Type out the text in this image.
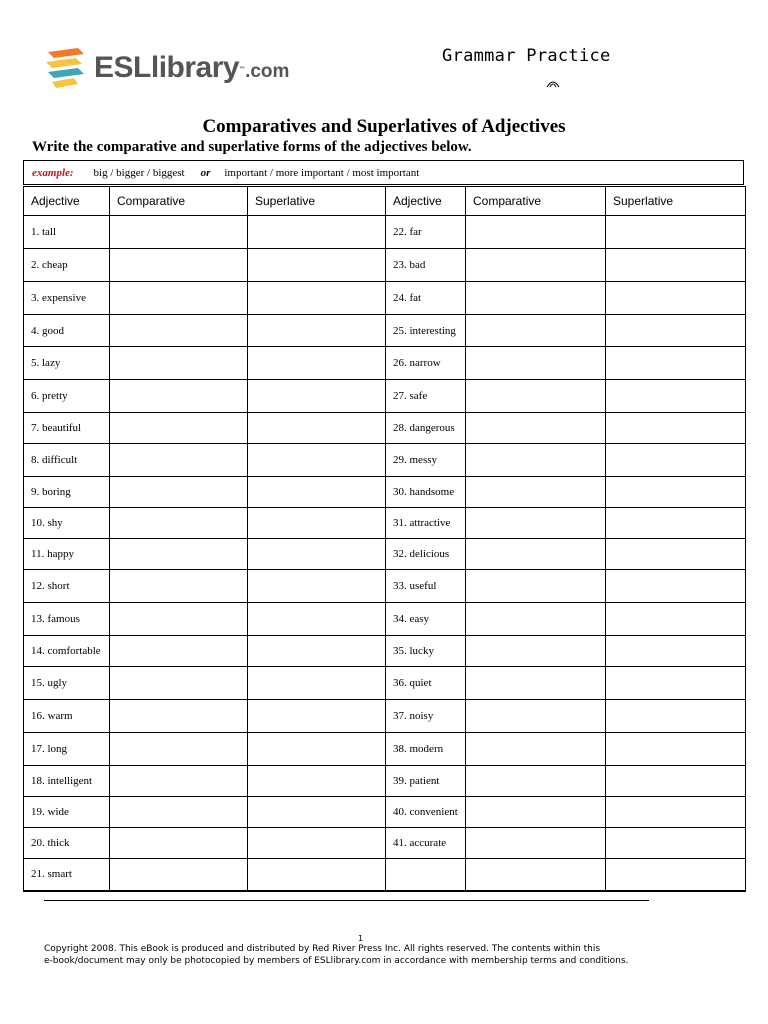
ESLlibrary™.com
Grammar Practice
Comparatives and Superlatives of Adjectives
Write the comparative and superlative forms of the adjectives below.
example: big / bigger / biggest or important / more important / most important
Adjective	Comparative	Superlative	Adjective	Comparative	Superlative
1. tall			22. far		
2. cheap			23. bad		
3. expensive			24. fat		
4. good			25. interesting		
5. lazy			26. narrow		
6. pretty			27. safe		
7. beautiful			28. dangerous		
8. difficult			29. messy		
9. boring			30. handsome		
10. shy			31. attractive		
11. happy			32. delicious		
12. short			33. useful		
13. famous			34. easy		
14. comfortable			35. lucky		
15. ugly			36. quiet		
16. warm			37. noisy		
17. long			38. modern		
18. intelligent			39. patient		
19. wide			40. convenient		
20. thick			41. accurate		
21. smart					
1
Copyright 2008. This eBook is produced and distributed by Red River Press Inc. All rights reserved. The contents within this
e-book/document may only be photocopied by members of ESLlibrary.com in accordance with membership terms and conditions.
